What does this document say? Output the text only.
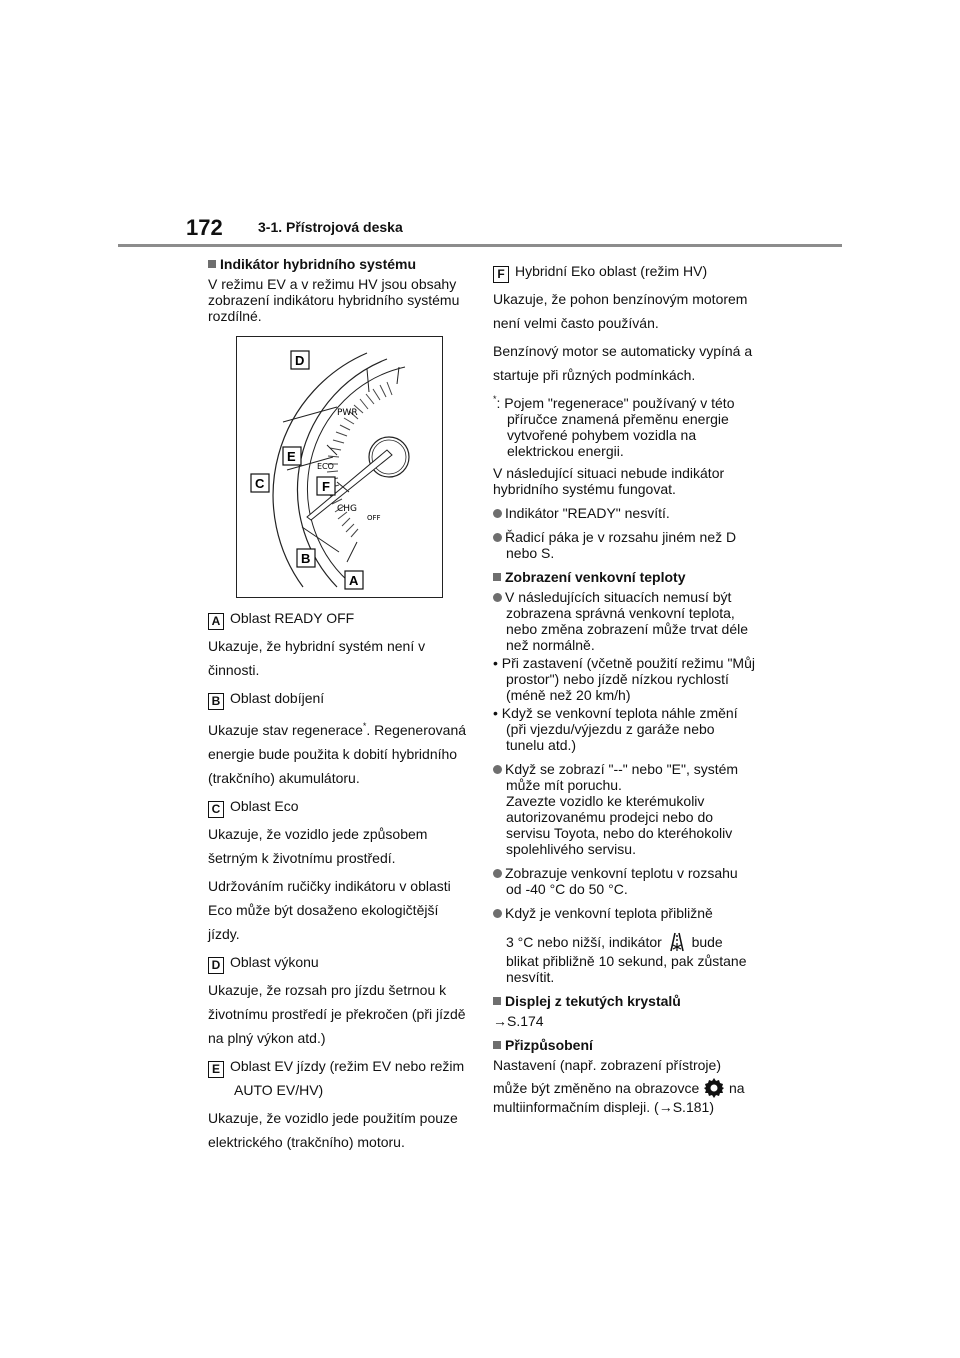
172	3-1. Přístrojová deska
Indikátor hybridního systému

V režimu EV a v režimu HV jsou obsahy zobrazení indikátoru hybridního systému rozdílné.

PWR
ECO
CHG
OFF
D
E
C	F
B
A
A Oblast READY OFF
Ukazuje, že hybridní systém není v činnosti.
B Oblast dobíjení
Ukazuje stav regenerace*. Regenerovaná energie bude použita k dobití hybridního (trakčního) akumulátoru.
C Oblast Eco
Ukazuje, že vozidlo jede způsobem šetrným k životnímu prostředí.
Udržováním ručičky indikátoru v oblasti Eco může být dosaženo ekologičtější jízdy.
D Oblast výkonu
Ukazuje, že rozsah pro jízdu šetrnou k životnímu prostředí je překročen (při jízdě na plný výkon atd.)
E Oblast EV jízdy (režim EV nebo režim AUTO EV/HV)
Ukazuje, že vozidlo jede použitím pouze elektrického (trakčního) motoru.
F Hybridní Eko oblast (režim HV)
Ukazuje, že pohon benzínovým motorem není velmi často používán.
Benzínový motor se automaticky vypíná a startuje při různých podmínkách.

*: Pojem "regenerace" používaný v této příručce znamená přeměnu energie vytvořené pohybem vozidla na elektrickou energii.

V následující situaci nebude indikátor hybridního systému fungovat.

Indikátor "READY" nesvítí.

Řadicí páka je v rozsahu jiném než D nebo S.

Zobrazení venkovní teploty

V následujících situacích nemusí být zobrazena správná venkovní teplota, nebo změna zobrazení může trvat déle než normálně.

• Při zastavení (včetně použití režimu "Můj prostor") nebo jízdě nízkou rychlostí (méně než 20 km/h)

• Když se venkovní teplota náhle změní (při vjezdu/výjezdu z garáže nebo tunelu atd.)

Když se zobrazí "--" nebo "E", systém může mít poruchu.
Zavezte vozidlo ke kterémukoliv autorizovanému prodejci nebo do servisu Toyota, nebo do kteréhokoliv spolehlivého servisu.

Zobrazuje venkovní teplotu v rozsahu od -40 °C do 50 °C.

Když je venkovní teplota přibližně

3 °C nebo nižší, indikátor bude blikat přibližně 10 sekund, pak zůstane nesvítit.

Displej z tekutých krystalů

→S.174

Přizpůsobení

Nastavení (např. zobrazení přístroje)

může být změněno na obrazovce na multiinformačním displeji. (→S.181)
